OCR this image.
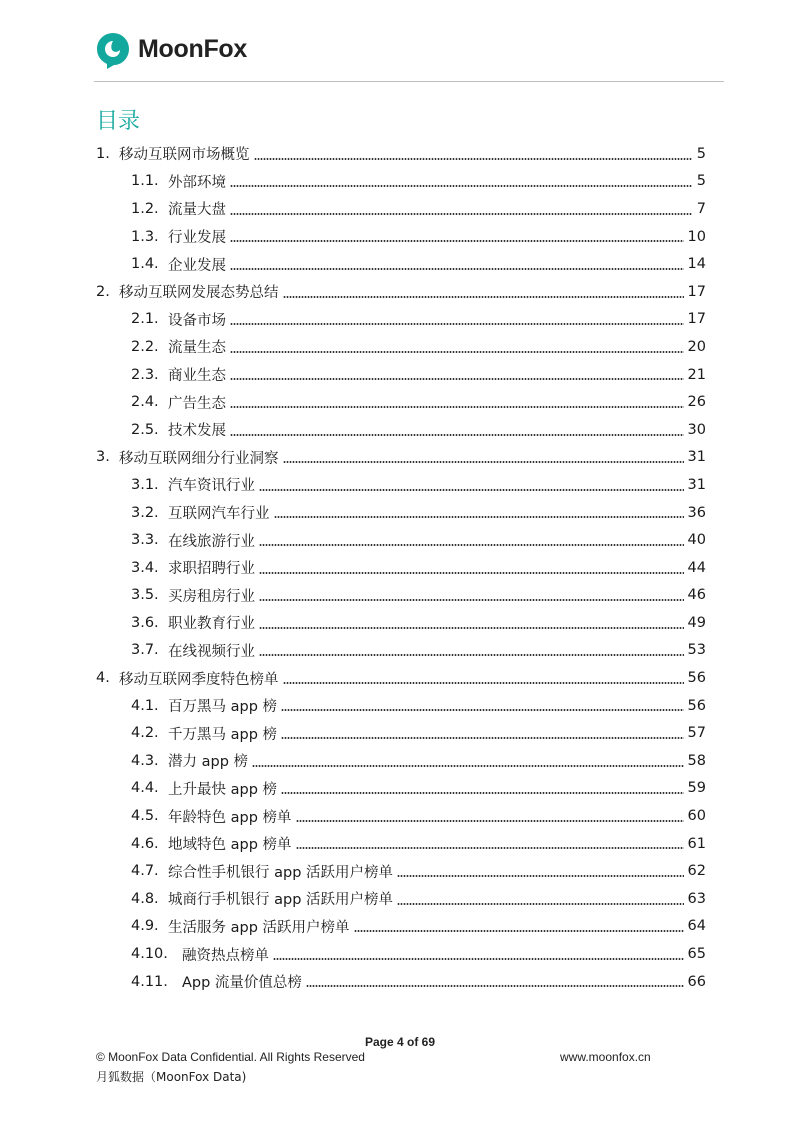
MoonFox
目录
1. 移动互联网市场概览	5
1.1. 外部环境	5
1.2. 流量大盘	7
1.3. 行业发展	10
1.4. 企业发展	14
2. 移动互联网发展态势总结	17
2.1. 设备市场	17
2.2. 流量生态	20
2.3. 商业生态	21
2.4. 广告生态	26
2.5. 技术发展	30
3. 移动互联网细分行业洞察	31
3.1. 汽车资讯行业	31
3.2. 互联网汽车行业	36
3.3. 在线旅游行业	40
3.4. 求职招聘行业	44
3.5. 买房租房行业	46
3.6. 职业教育行业	49
3.7. 在线视频行业	53
4. 移动互联网季度特色榜单	56
4.1. 百万黑马 app 榜	56
4.2. 千万黑马 app 榜	57
4.3. 潜力 app 榜	58
4.4. 上升最快 app 榜	59
4.5. 年龄特色 app 榜单	60
4.6. 地域特色 app 榜单	61
4.7. 综合性手机银行 app 活跃用户榜单	62
4.8. 城商行手机银行 app 活跃用户榜单	63
4.9. 生活服务 app 活跃用户榜单	64
4.10. 融资热点榜单	65
4.11. App 流量价值总榜	66
Page 4 of 69
© MoonFox Data Confidential. All Rights Reserved	www.moonfox.cn
月狐数据（MoonFox Data)
